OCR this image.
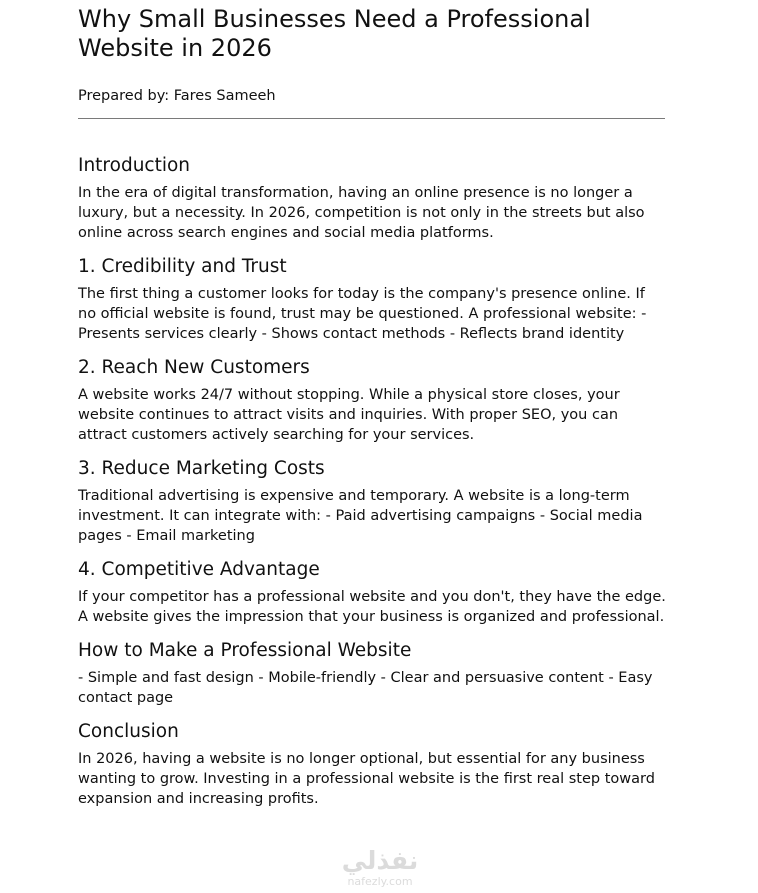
Why Small Businesses Need a Professional Website in 2026

Prepared by: Fares Sameeh

Introduction

In the era of digital transformation, having an online presence is no longer a luxury, but a necessity. In 2026, competition is not only in the streets but also online across search engines and social media platforms.

1. Credibility and Trust

The first thing a customer looks for today is the company's presence online. If no official website is found, trust may be questioned. A professional website: - Presents services clearly - Shows contact methods - Reflects brand identity

2. Reach New Customers

A website works 24/7 without stopping. While a physical store closes, your website continues to attract visits and inquiries. With proper SEO, you can attract customers actively searching for your services.

3. Reduce Marketing Costs

Traditional advertising is expensive and temporary. A website is a long-term investment. It can integrate with: - Paid advertising campaigns - Social media pages - Email marketing

4. Competitive Advantage

If your competitor has a professional website and you don't, they have the edge. A website gives the impression that your business is organized and professional.

How to Make a Professional Website

- Simple and fast design - Mobile-friendly - Clear and persuasive content - Easy contact page

Conclusion

In 2026, having a website is no longer optional, but essential for any business wanting to grow. Investing in a professional website is the first real step toward expansion and increasing profits.

نفذلي
nafezly.com
